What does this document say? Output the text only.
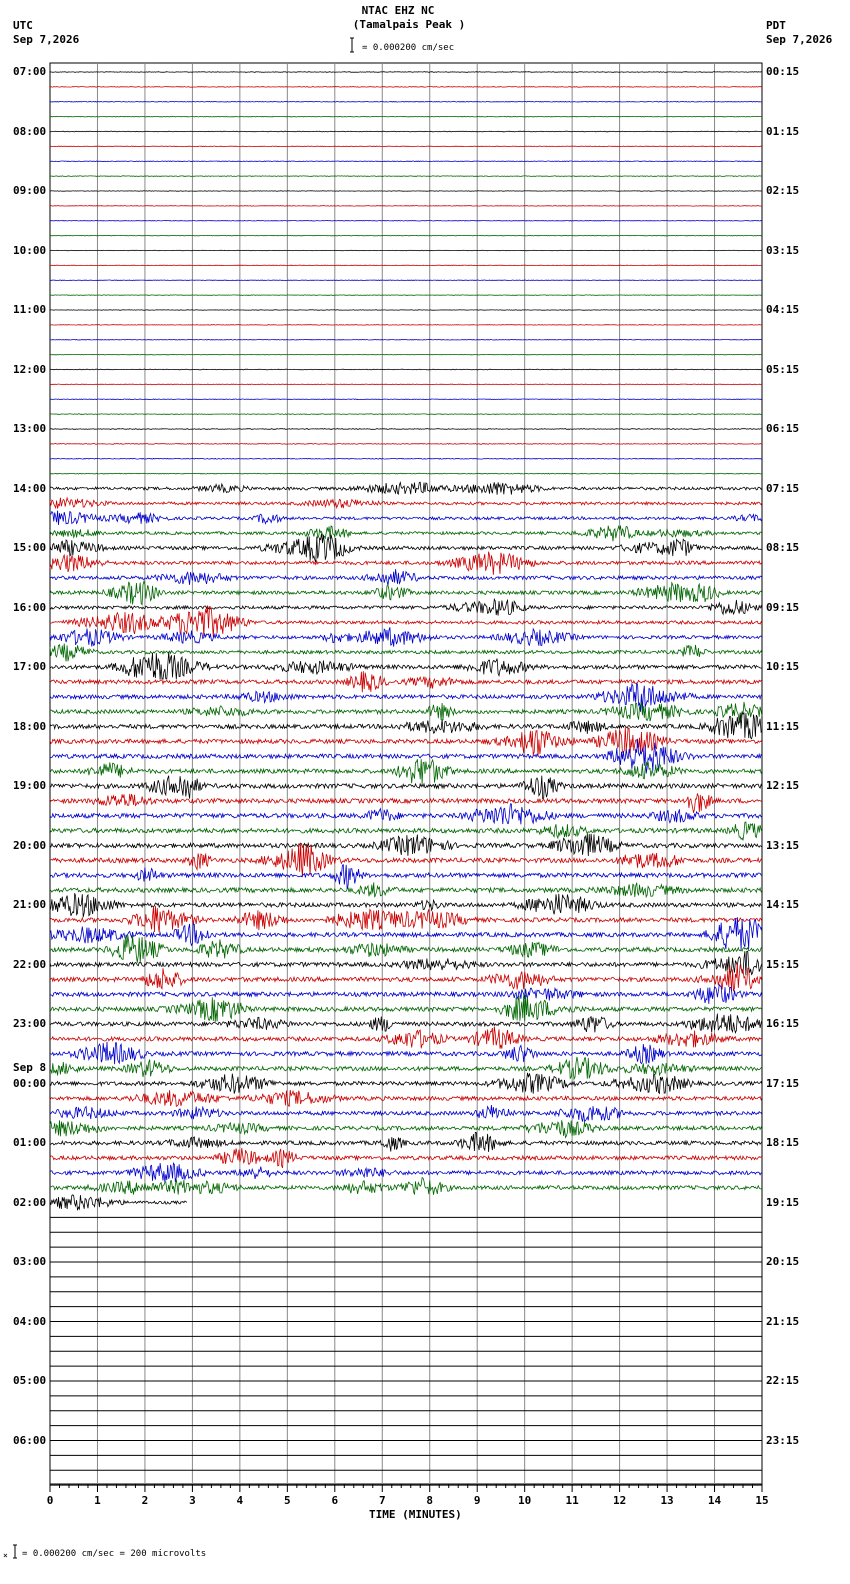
NTAC EHZ NC
(Tamalpais Peak )
UTC
Sep 7,2026
PDT
Sep 7,2026
= 0.000200 cm/sec
0	1	2	3	4	5	6	7	8	9	10	11	12	13	14	15
×
07:00
08:00
09:00
10:00
11:00
12:00
13:00
14:00
15:00
16:00
17:00
18:00
19:00
20:00
21:00
22:00
23:00
00:00
01:00
02:00
03:00
04:00
05:00
06:00
00:15
01:15
02:15
03:15
04:15
05:15
06:15
07:15
08:15
09:15
10:15
11:15
12:15
13:15
14:15
15:15
16:15
17:15
18:15
19:15
20:15
21:15
22:15
23:15
Sep 8
TIME (MINUTES)
= 0.000200 cm/sec = 200 microvolts
